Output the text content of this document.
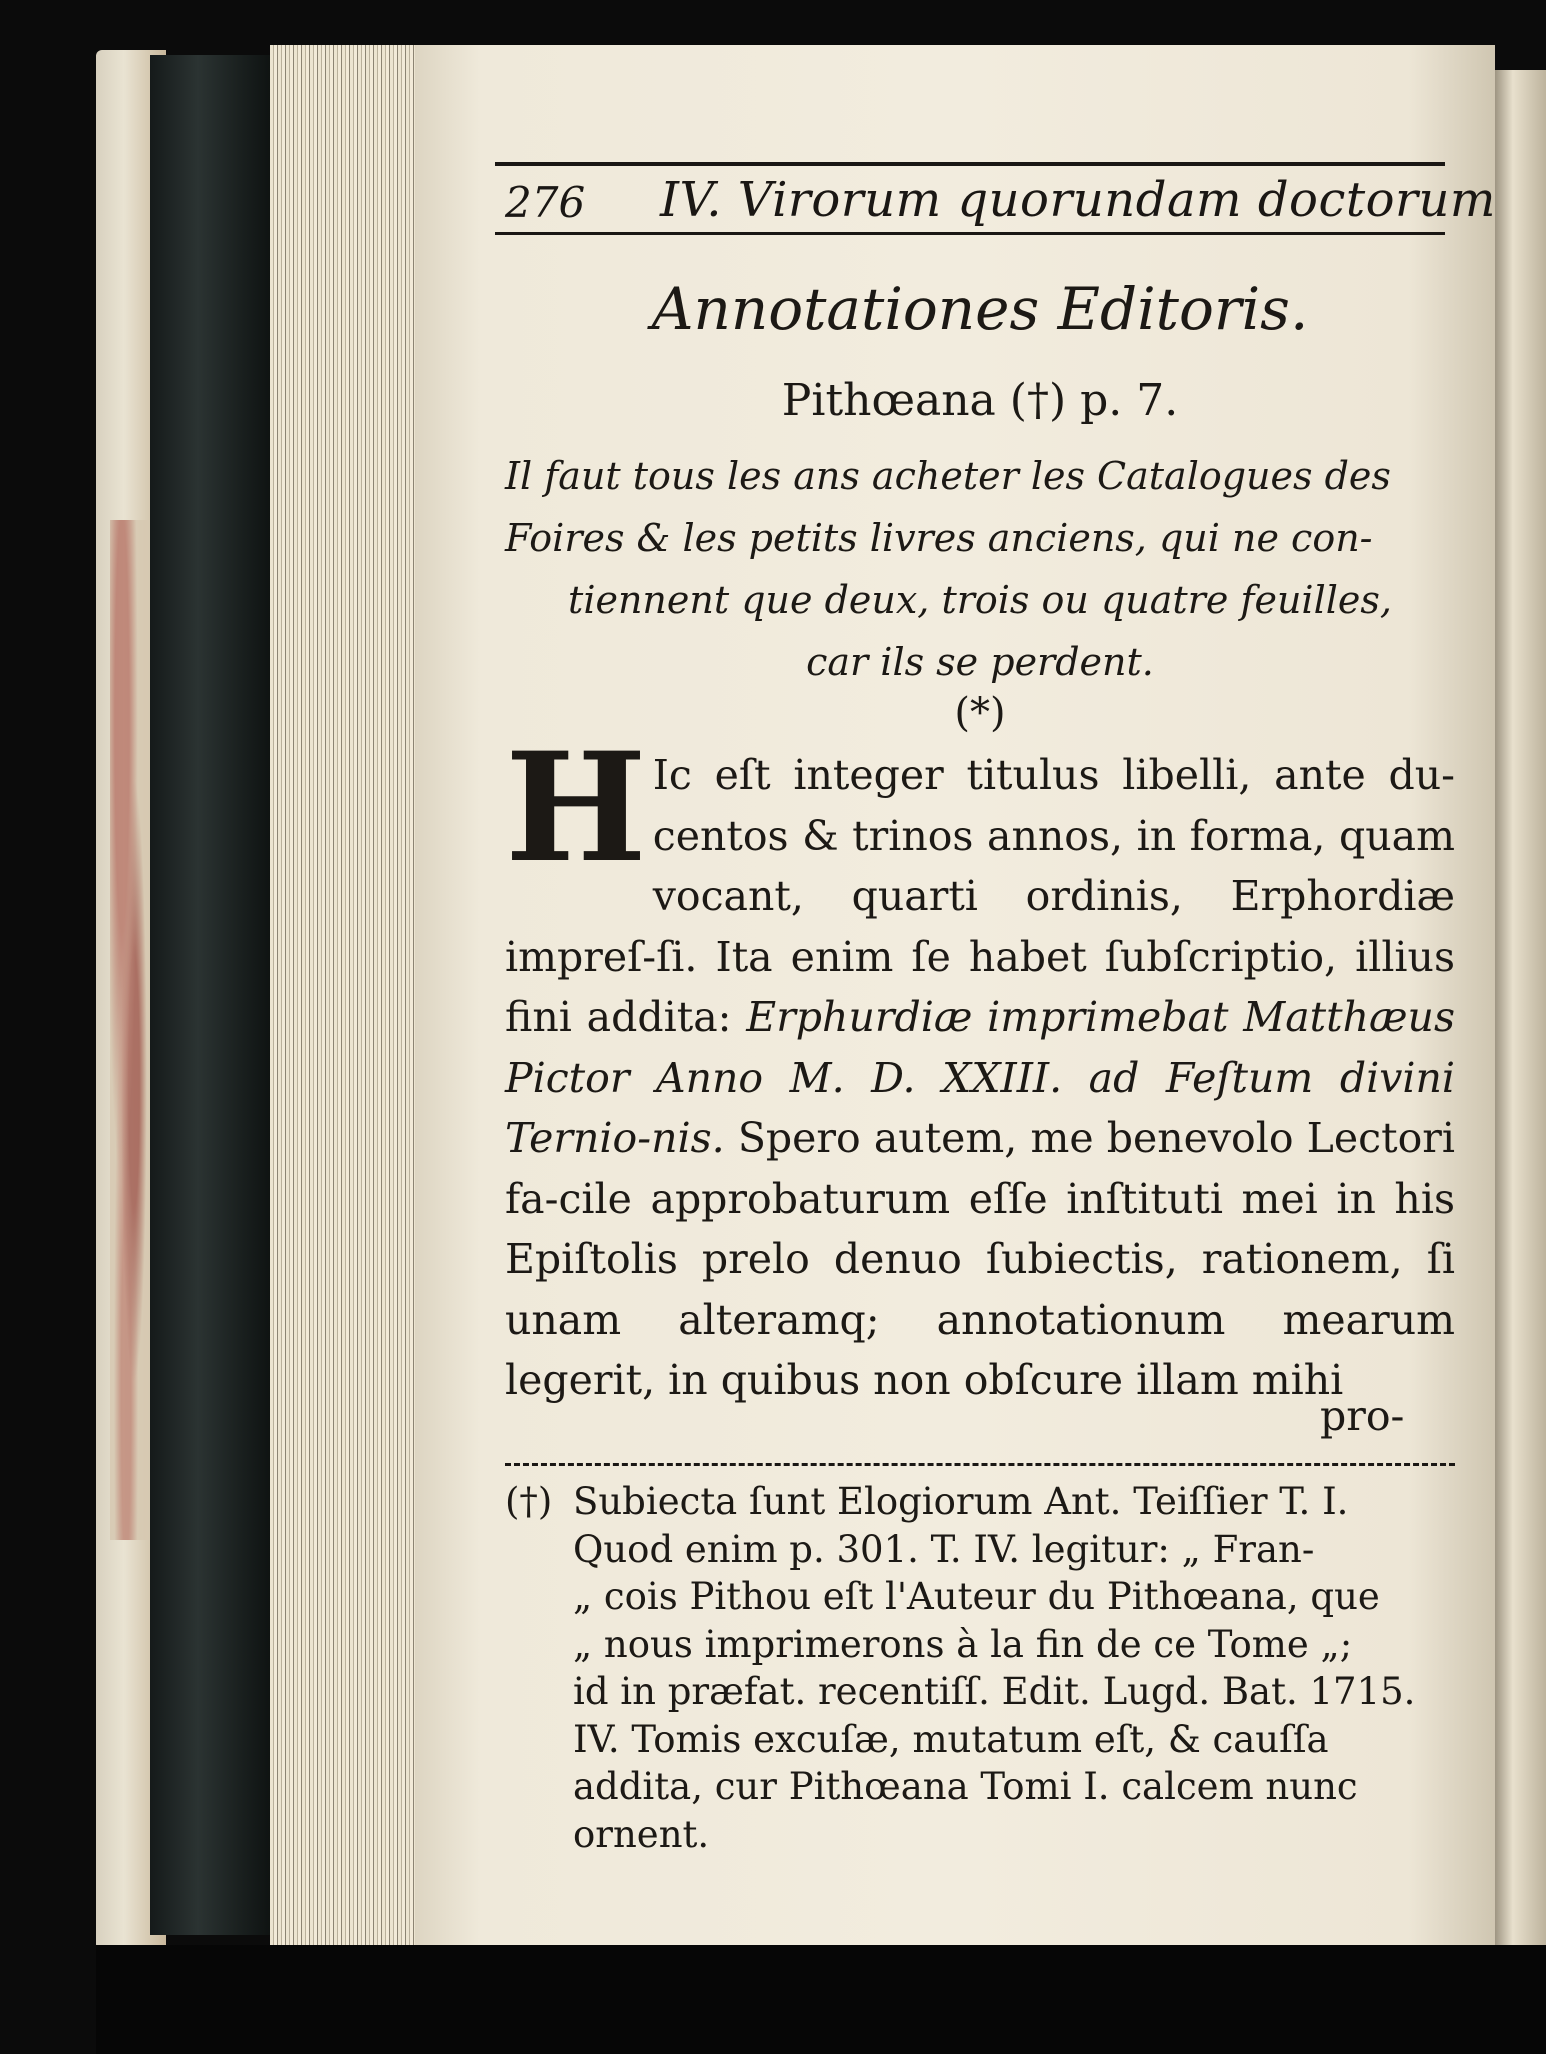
276 IV. Virorum quorundam doctorum
Annotationes Editoris.
Pithœana (†) p. 7.

Il faut tous les ans acheter les Catalogues des

Foires & les petits livres anciens, qui ne con-

tiennent que deux, trois ou quatre feuilles,

car ils se perdent.

(*)

H Ic eſt integer titulus libelli, ante du-centos & trinos annos, in forma, quam vocant, quarti ordinis, Erphordiæ impreſ-ſi. Ita enim ſe habet ſubſcriptio, illius fini addita: Erphurdiæ imprimebat Matthæus Pictor Anno M. D. XXIII. ad Feſtum divini Ternio-nis. Spero autem, me benevolo Lectori fa-cile approbaturum eſſe inſtituti mei in his Epiſtolis prelo denuo ſubiectis, rationem, ſi unam alteramq; annotationum mearum legerit, in quibus non obſcure illam mihi

pro-

(†) Subiecta ſunt Elogiorum Ant. Teiſſier T. I.

Quod enim p. 301. T. IV. legitur: „ Fran-

„ cois Pithou eſt l'Auteur du Pithœana, que

„ nous imprimerons à la fin de ce Tome „;

id in præfat. recentiſſ. Edit. Lugd. Bat. 1715.

IV. Tomis excuſæ, mutatum eſt, & cauſſa

addita, cur Pithœana Tomi I. calcem nunc

ornent.
